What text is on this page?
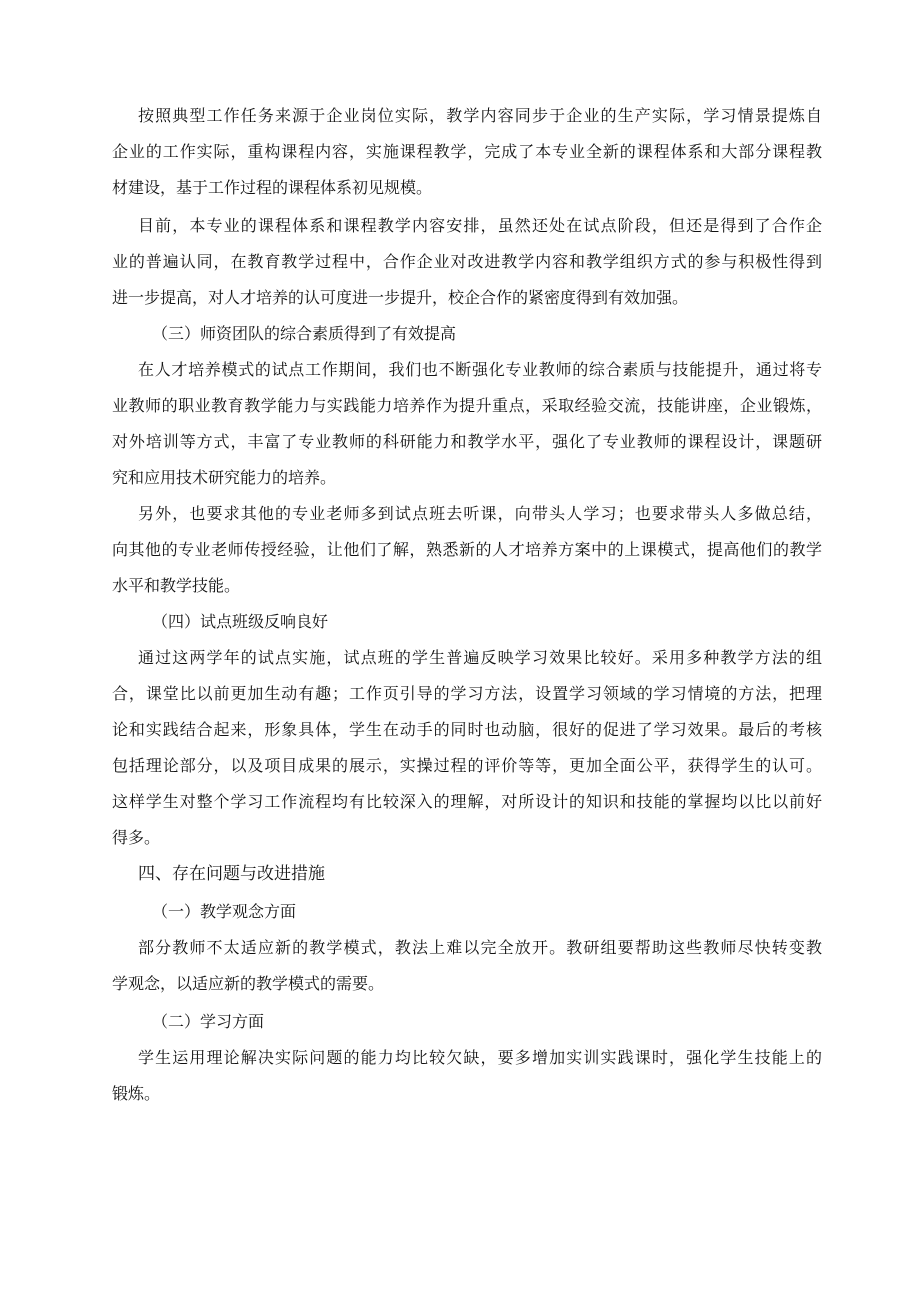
按照典型工作任务来源于企业岗位实际，教学内容同步于企业的生产实际，学习情景提炼自
企业的工作实际，重构课程内容，实施课程教学，完成了本专业全新的课程体系和大部分课程教
材建设，基于工作过程的课程体系初见规模。
目前，本专业的课程体系和课程教学内容安排，虽然还处在试点阶段，但还是得到了合作企
业的普遍认同，在教育教学过程中，合作企业对改进教学内容和教学组织方式的参与积极性得到
进一步提高，对人才培养的认可度进一步提升，校企合作的紧密度得到有效加强。

（三）师资团队的综合素质得到了有效提高

在人才培养模式的试点工作期间，我们也不断强化专业教师的综合素质与技能提升，通过将专
业教师的职业教育教学能力与实践能力培养作为提升重点，采取经验交流，技能讲座，企业锻炼，
对外培训等方式，丰富了专业教师的科研能力和教学水平，强化了专业教师的课程设计，课题研
究和应用技术研究能力的培养。
另外，也要求其他的专业老师多到试点班去听课，向带头人学习；也要求带头人多做总结，
向其他的专业老师传授经验，让他们了解，熟悉新的人才培养方案中的上课模式，提高他们的教学
水平和教学技能。

（四）试点班级反响良好

通过这两学年的试点实施，试点班的学生普遍反映学习效果比较好。采用多种教学方法的组
合，课堂比以前更加生动有趣；工作页引导的学习方法，设置学习领域的学习情境的方法，把理
论和实践结合起来，形象具体，学生在动手的同时也动脑，很好的促进了学习效果。最后的考核
包括理论部分，以及项目成果的展示，实操过程的评价等等，更加全面公平，获得学生的认可。
这样学生对整个学习工作流程均有比较深入的理解，对所设计的知识和技能的掌握均以比以前好
得多。

四、存在问题与改进措施

（一）教学观念方面

部分教师不太适应新的教学模式，教法上难以完全放开。教研组要帮助这些教师尽快转变教
学观念，以适应新的教学模式的需要。

（二）学习方面

学生运用理论解决实际问题的能力均比较欠缺，要多增加实训实践课时，强化学生技能上的
锻炼。
